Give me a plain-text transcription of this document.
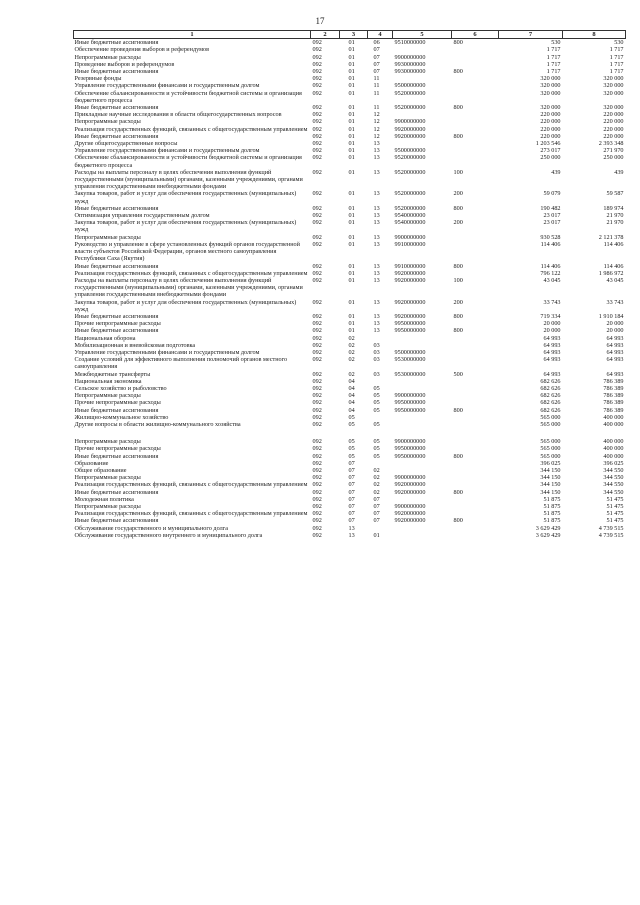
17
1	2	3	4	5	6	7	8
Иные бюджетные ассигнования	092	01	06	9510000000	800	530	530
Обеспечение проведения выборов и референдумов	092	01	07			1 717	1 717
Непрограммные расходы	092	01	07	9900000000		1 717	1 717
Проведение выборов и референдумов	092	01	07	9930000000		1 717	1 717
Иные бюджетные ассигнования	092	01	07	9930000000	800	1 717	1 717
Резервные фонды	092	01	11			320 000	320 000
Управление государственными финансами и государственным долгом	092	01	11	9500000000		320 000	320 000
Обеспечение сбалансированности и устойчивости бюджетной системы и организация бюджетного процесса	092	01	11	9520000000		320 000	320 000
Иные бюджетные ассигнования	092	01	11	9520000000	800	320 000	320 000
Прикладные научные исследования в области общегосударственных вопросов	092	01	12			220 000	220 000
Непрограммные расходы	092	01	12	9900000000		220 000	220 000
Реализация государственных функций, связанных с общегосударственным управлением	092	01	12	9920000000		220 000	220 000
Иные бюджетные ассигнования	092	01	12	9920000000	800	220 000	220 000
Другие общегосударственные вопросы	092	01	13			1 203 546	2 393 348
Управление государственными финансами и государственным долгом	092	01	13	9500000000		273 017	271 970
Обеспечение сбалансированности и устойчивости бюджетной системы и организация бюджетного процесса	092	01	13	9520000000		250 000	250 000
Расходы на выплаты персоналу в целях обеспечения выполнения функций государственными (муниципальными) органами, казенными учреждениями, органами управления государственными внебюджетными фондами	092	01	13	9520000000	100	439	439
Закупка товаров, работ и услуг для обеспечения государственных (муниципальных) нужд	092	01	13	9520000000	200	59 079	59 587
Иные бюджетные ассигнования	092	01	13	9520000000	800	190 482	189 974
Оптимизация управления государственным долгом	092	01	13	9540000000		23 017	21 970
Закупка товаров, работ и услуг для обеспечения государственных (муниципальных) нужд	092	01	13	9540000000	200	23 017	21 970
Непрограммные расходы	092	01	13	9900000000		930 528	2 121 378
Руководство и управление в сфере установленных функций органов государственной власти субъектов Российской Федерации, органов местного самоуправления Республики Саха (Якутия)	092	01	13	9910000000		114 406	114 406
Иные бюджетные ассигнования	092	01	13	9910000000	800	114 406	114 406
Реализация государственных функций, связанных с общегосударственным управлением	092	01	13	9920000000		796 122	1 986 972
Расходы на выплаты персоналу в целях обеспечения выполнения функций государственными (муниципальными) органами, казенными учреждениями, органами управления государственными внебюджетными фондами	092	01	13	9920000000	100	43 045	43 045
Закупка товаров, работ и услуг для обеспечения государственных (муниципальных) нужд	092	01	13	9920000000	200	33 743	33 743
Иные бюджетные ассигнования	092	01	13	9920000000	800	719 334	1 910 184
Прочие непрограммные расходы	092	01	13	9950000000		20 000	20 000
Иные бюджетные ассигнования	092	01	13	9950000000	800	20 000	20 000
Национальная оборона	092	02				64 993	64 993
Мобилизационная и вневойсковая подготовка	092	02	03			64 993	64 993
Управление государственными финансами и государственным долгом	092	02	03	9500000000		64 993	64 993
Создание условий для эффективного выполнения полномочий органов местного самоуправления	092	02	03	9530000000		64 993	64 993
Межбюджетные трансферты	092	02	03	9530000000	500	64 993	64 993
Национальная экономика	092	04				682 626	786 389
Сельское хозяйство и рыболовство	092	04	05			682 626	786 389
Непрограммные расходы	092	04	05	9900000000		682 626	786 389
Прочие непрограммные расходы	092	04	05	9950000000		682 626	786 389
Иные бюджетные ассигнования	092	04	05	9950000000	800	682 626	786 389
Жилищно-коммунальное хозяйство	092	05				565 000	400 000
Другие вопросы в области жилищно-коммунального хозяйства	092	05	05			565 000	400 000

Непрограммные расходы	092	05	05	9900000000		565 000	400 000
Прочие непрограммные расходы	092	05	05	9950000000		565 000	400 000
Иные бюджетные ассигнования	092	05	05	9950000000	800	565 000	400 000
Образование	092	07				396 025	396 025
Общее образование	092	07	02			344 150	344 550
Непрограммные расходы	092	07	02	9900000000		344 150	344 550
Реализация государственных функций, связанных с общегосударственным управлением	092	07	02	9920000000		344 150	344 550
Иные бюджетные ассигнования	092	07	02	9920000000	800	344 150	344 550
Молодежная политика	092	07	07			51 875	51 475
Непрограммные расходы	092	07	07	9900000000		51 875	51 475
Реализация государственных функций, связанных с общегосударственным управлением	092	07	07	9920000000		51 875	51 475
Иные бюджетные ассигнования	092	07	07	9920000000	800	51 875	51 475
Обслуживание государственного и муниципального долга	092	13				3 629 429	4 739 515
Обслуживание государственного внутреннего и муниципального долга	092	13	01			3 629 429	4 739 515
